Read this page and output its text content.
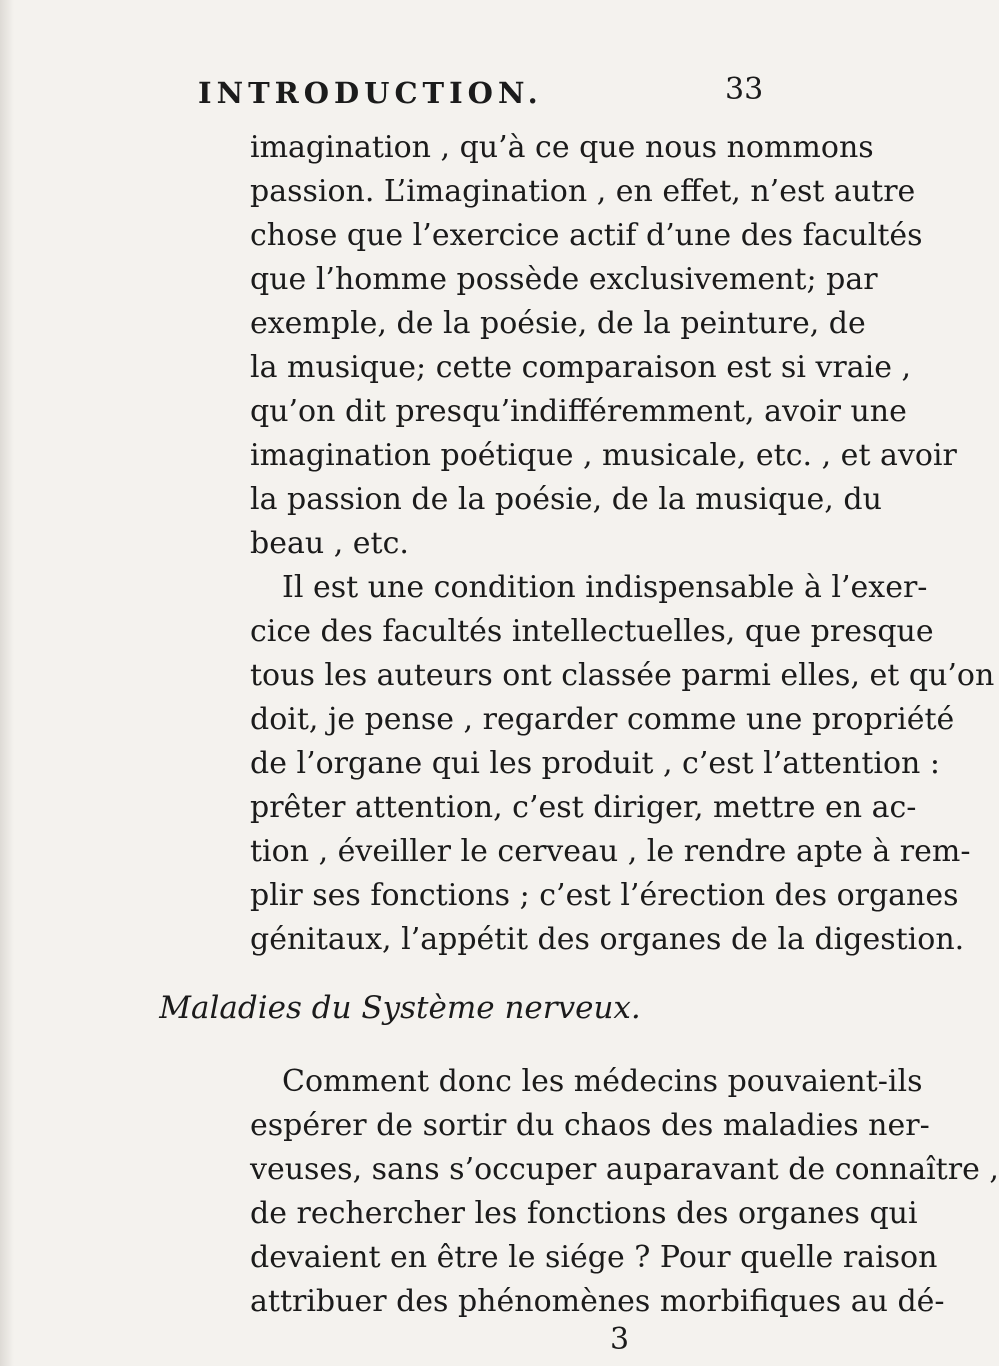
INTRODUCTION.	33
imagination , qu’à ce que nous nommons
passion. L’imagination , en effet, n’est autre
chose que l’exercice actif d’une des facultés
que l’homme possède exclusivement; par
exemple, de la poésie, de la peinture, de
la musique; cette comparaison est si vraie ,
qu’on dit presqu’indifféremment, avoir une
imagination poétique , musicale, etc. , et avoir
la passion de la poésie, de la musique, du
beau , etc.
Il est une condition indispensable à l’exer-
cice des facultés intellectuelles, que presque
tous les auteurs ont classée parmi elles, et qu’on
doit, je pense , regarder comme une propriété
de l’organe qui les produit , c’est l’attention :
prêter attention, c’est diriger, mettre en ac-
tion , éveiller le cerveau , le rendre apte à rem-
plir ses fonctions ; c’est l’érection des organes
génitaux, l’appétit des organes de la digestion.
Maladies du Système nerveux.
Comment donc les médecins pouvaient-ils
espérer de sortir du chaos des maladies ner-
veuses, sans s’occuper auparavant de connaître ,
de rechercher les fonctions des organes qui
devaient en être le siége ? Pour quelle raison
attribuer des phénomènes morbifiques au dé-
3
